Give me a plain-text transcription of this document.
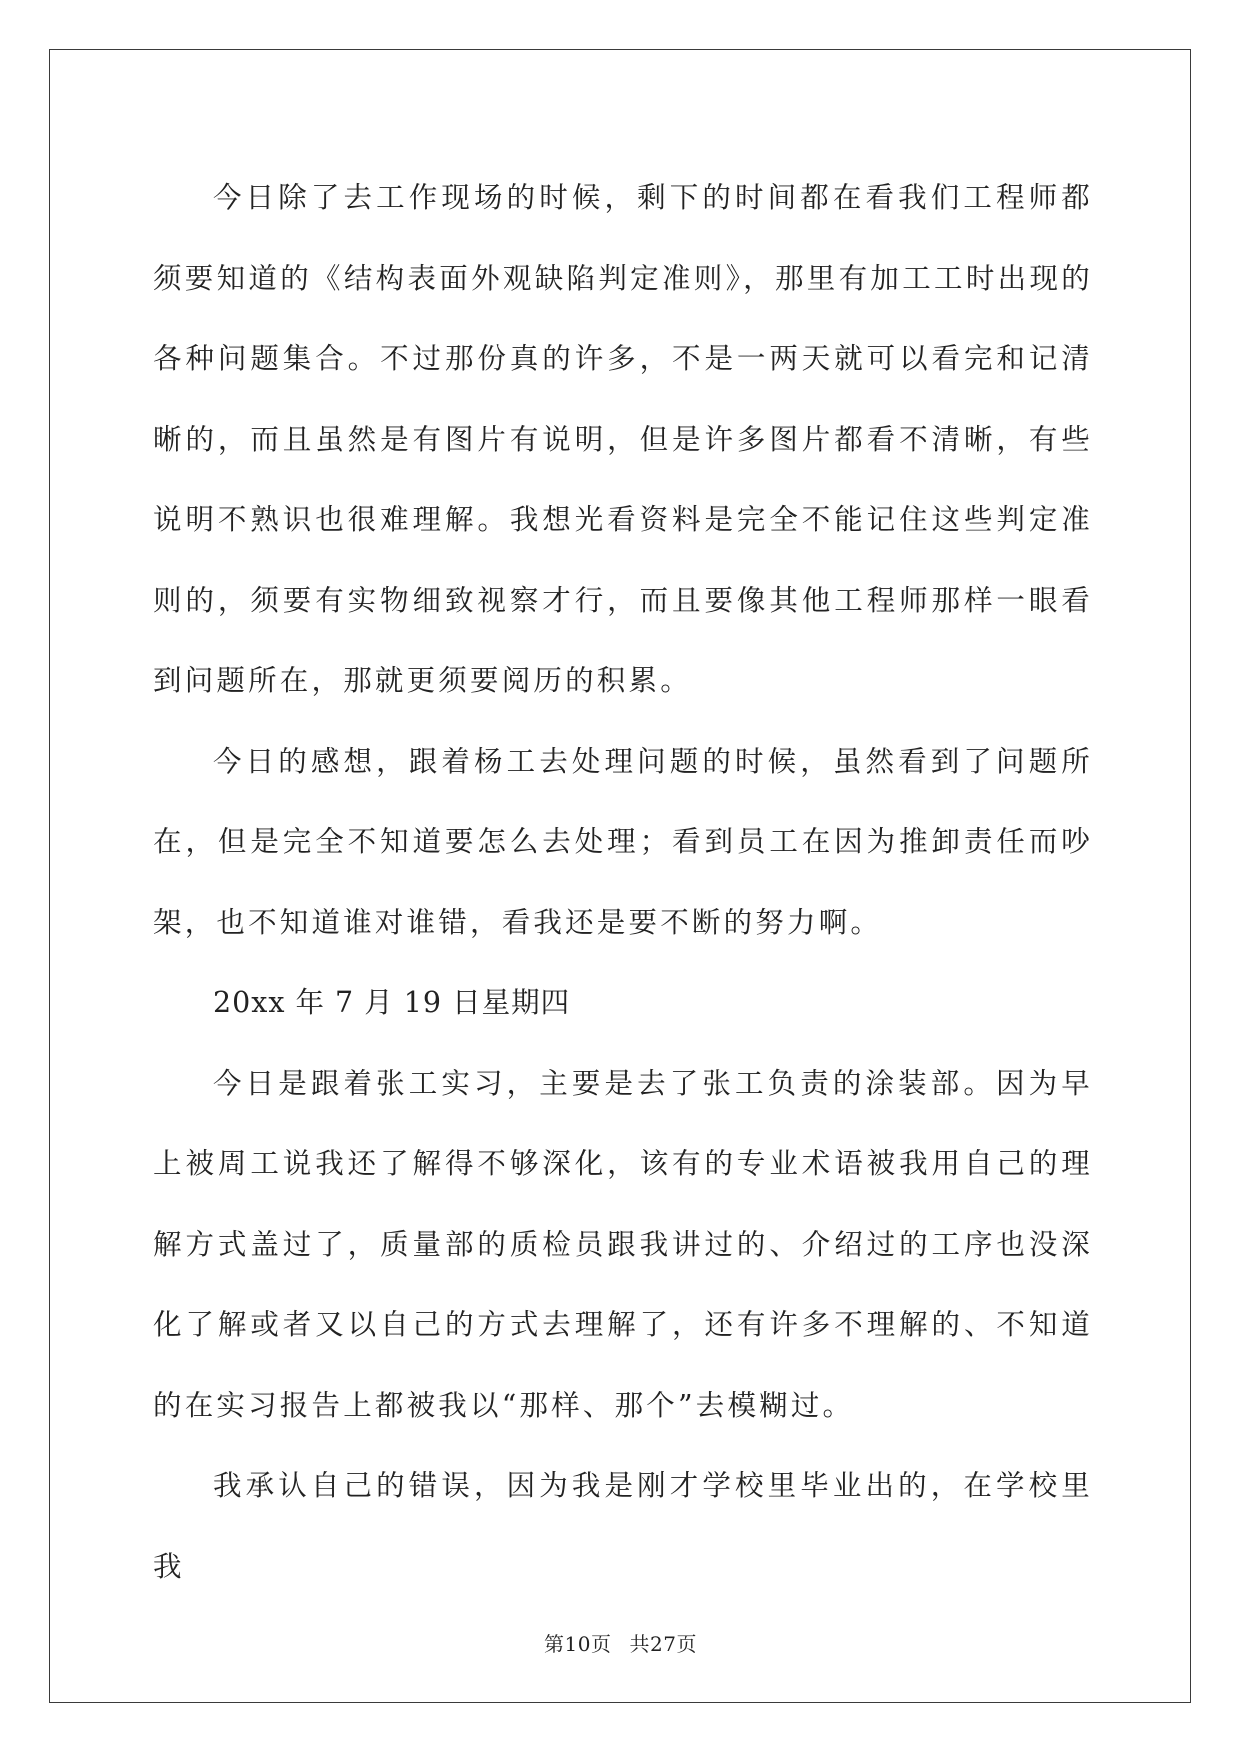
今日除了去工作现场的时候，剩下的时间都在看我们工程师都须要知道的《结构表面外观缺陷判定准则》，那里有加工工时出现的各种问题集合。不过那份真的许多，不是一两天就可以看完和记清晰的，而且虽然是有图片有说明，但是许多图片都看不清晰，有些说明不熟识也很难理解。我想光看资料是完全不能记住这些判定准则的，须要有实物细致视察才行，而且要像其他工程师那样一眼看到问题所在，那就更须要阅历的积累。

今日的感想，跟着杨工去处理问题的时候，虽然看到了问题所在，但是完全不知道要怎么去处理；看到员工在因为推卸责任而吵架，也不知道谁对谁错，看我还是要不断的努力啊。

20xx 年 7 月 19 日星期四

今日是跟着张工实习，主要是去了张工负责的涂装部。因为早上被周工说我还了解得不够深化，该有的专业术语被我用自己的理解方式盖过了，质量部的质检员跟我讲过的、介绍过的工序也没深化了解或者又以自己的方式去理解了，还有许多不理解的、不知道的在实习报告上都被我以“那样、那个”去模糊过。

我承认自己的错误，因为我是刚才学校里毕业出的，在学校里我

第10页 共27页
